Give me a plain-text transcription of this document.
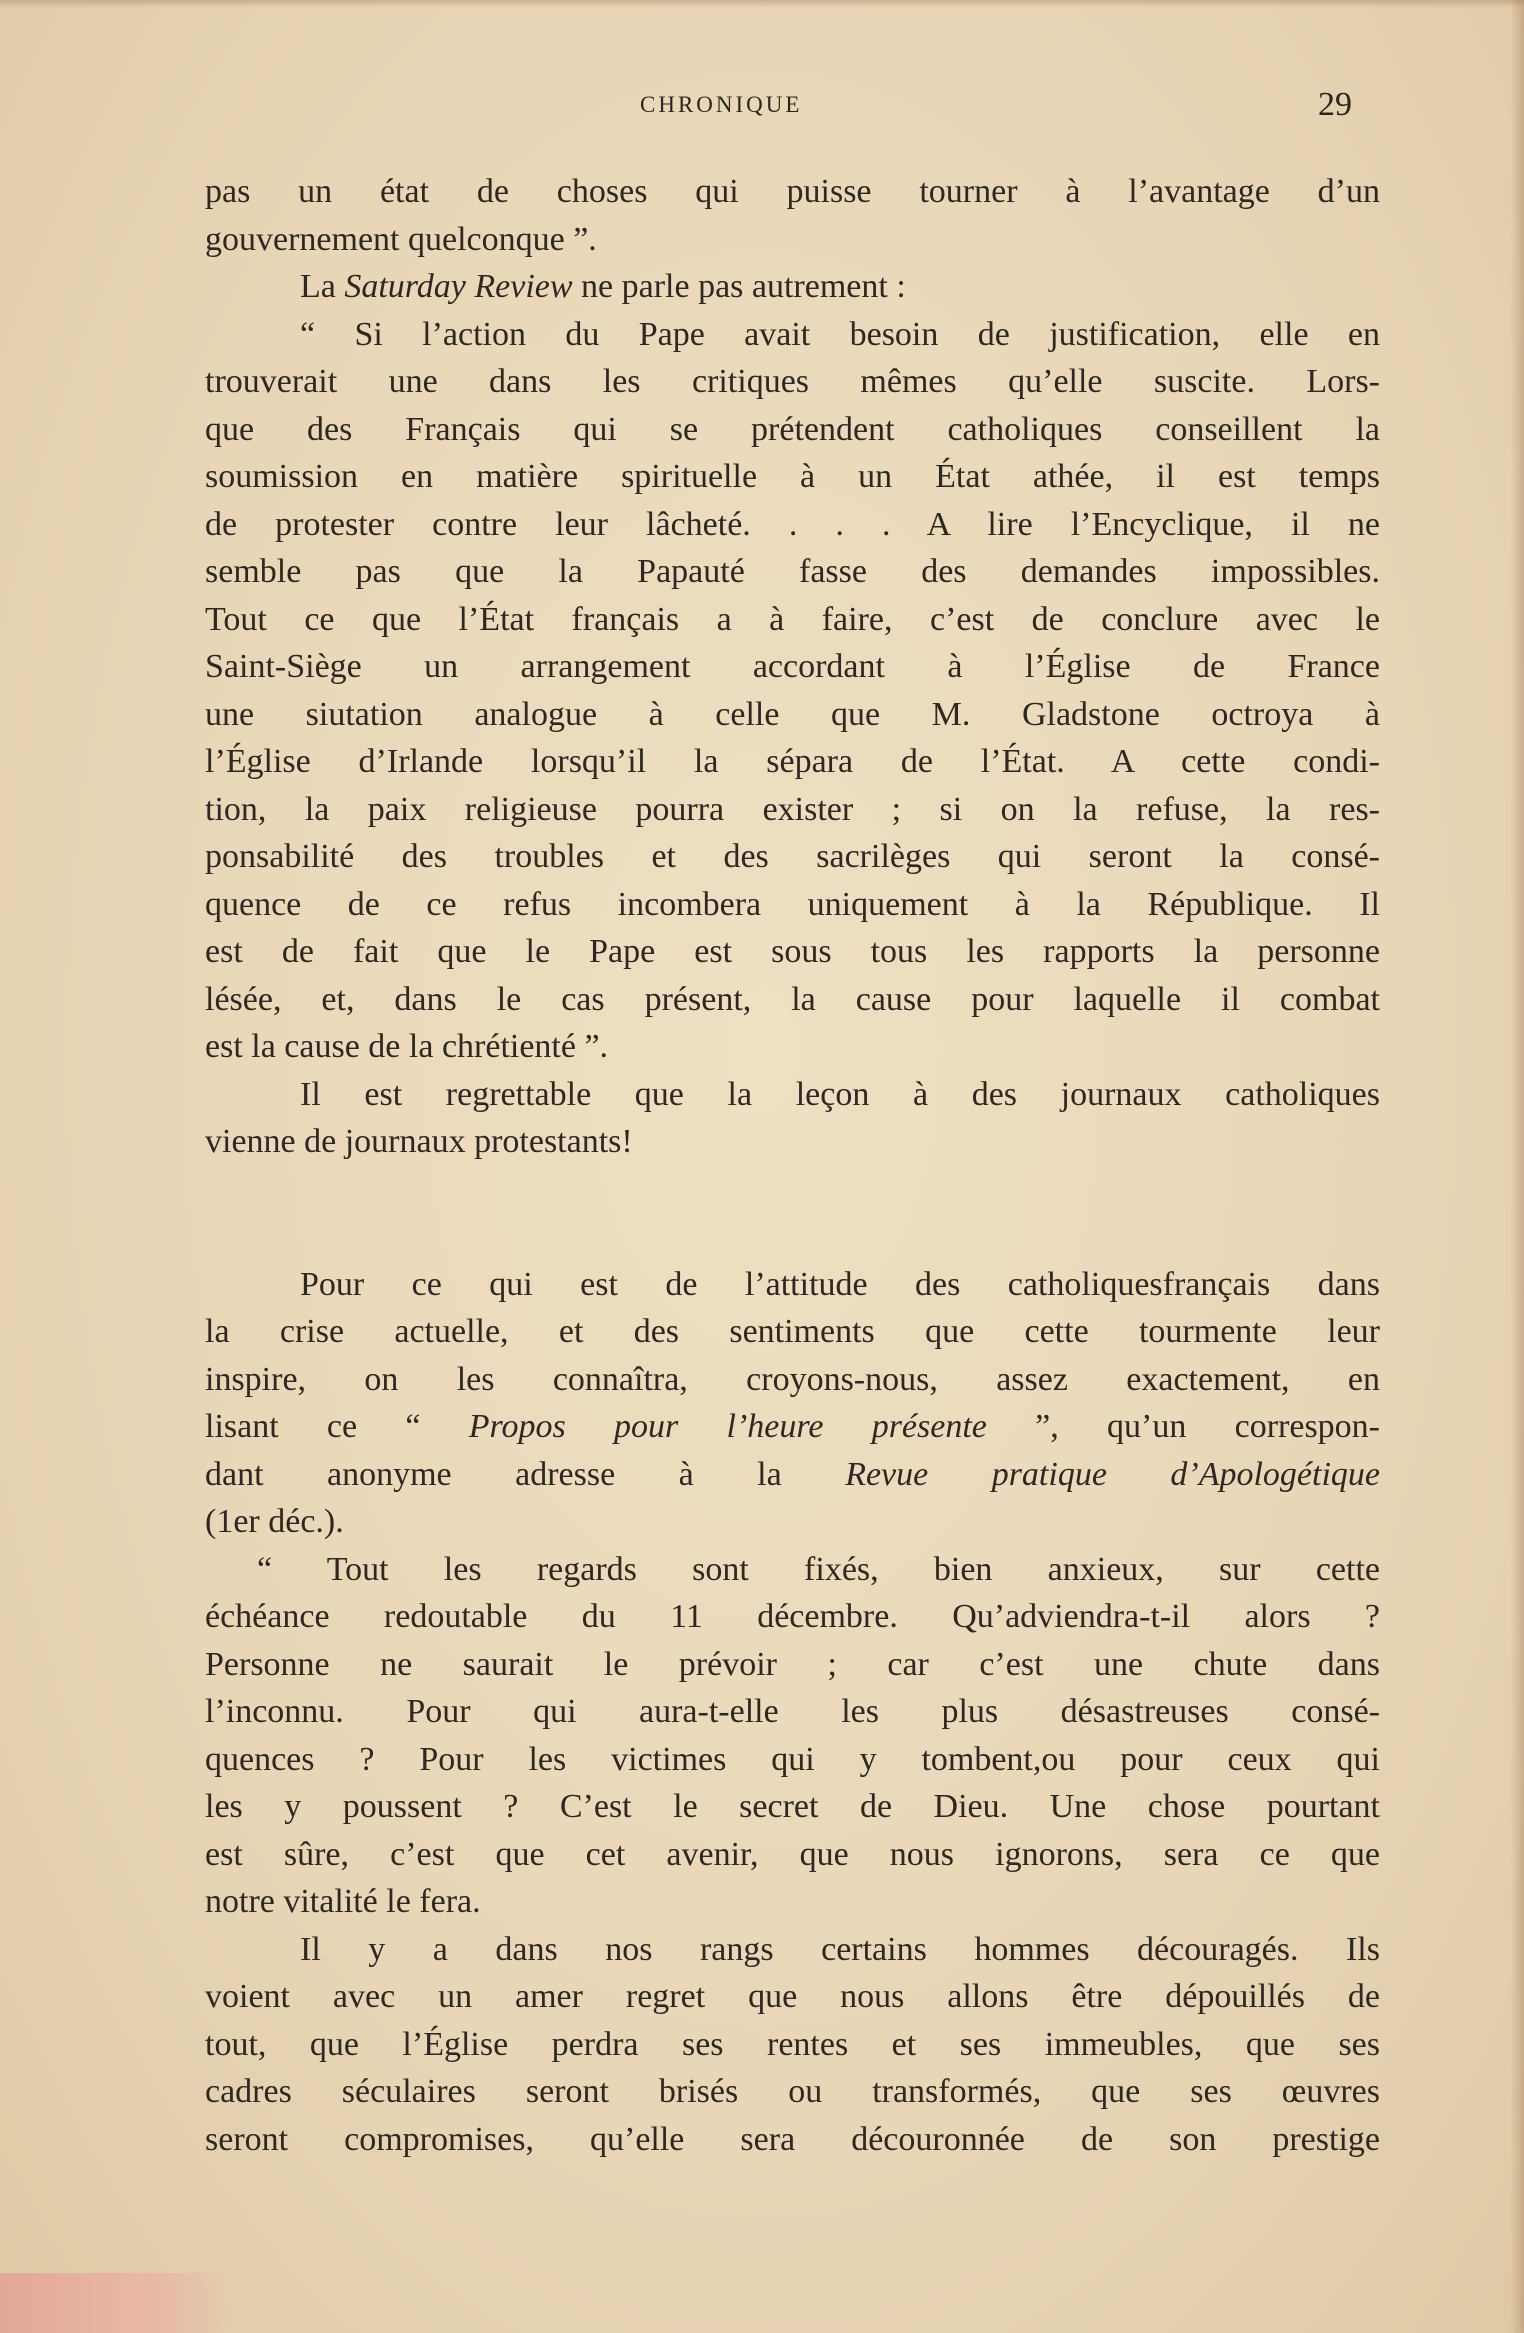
CHRONIQUE	29
pas un état de choses qui puisse tourner à l’avantage d’un
gouvernement quelconque ”.
La Saturday Review ne parle pas autrement :
“ Si l’action du Pape avait besoin de justification, elle en
trouverait une dans les critiques mêmes qu’elle suscite. Lors-
que des Français qui se prétendent catholiques conseillent la
soumission en matière spirituelle à un État athée, il est temps
de protester contre leur lâcheté. . . . A lire l’Encyclique, il ne
semble pas que la Papauté fasse des demandes impossibles.
Tout ce que l’État français a à faire, c’est de conclure avec le
Saint-Siège un arrangement accordant à l’Église de France
une siutation analogue à celle que M. Gladstone octroya à
l’Église d’Irlande lorsqu’il la sépara de l’État. A cette condi-
tion, la paix religieuse pourra exister ; si on la refuse, la res-
ponsabilité des troubles et des sacrilèges qui seront la consé-
quence de ce refus incombera uniquement à la République. Il
est de fait que le Pape est sous tous les rapports la personne
lésée, et, dans le cas présent, la cause pour laquelle il combat
est la cause de la chrétienté ”.
Il est regrettable que la leçon à des journaux catholiques
vienne de journaux protestants!
Pour ce qui est de l’attitude des catholiquesfrançais dans
la crise actuelle, et des sentiments que cette tourmente leur
inspire, on les connaîtra, croyons-nous, assez exactement, en
lisant ce “ Propos pour l’heure présente ”, qu’un correspon-
dant anonyme adresse à la Revue pratique d’Apologétique
(1er déc.).
“ Tout les regards sont fixés, bien anxieux, sur cette
échéance redoutable du 11 décembre. Qu’adviendra-t-il alors ?
Personne ne saurait le prévoir ; car c’est une chute dans
l’inconnu. Pour qui aura-t-elle les plus désastreuses consé-
quences ? Pour les victimes qui y tombent,ou pour ceux qui
les y poussent ? C’est le secret de Dieu. Une chose pourtant
est sûre, c’est que cet avenir, que nous ignorons, sera ce que
notre vitalité le fera.
Il y a dans nos rangs certains hommes découragés. Ils
voient avec un amer regret que nous allons être dépouillés de
tout, que l’Église perdra ses rentes et ses immeubles, que ses
cadres séculaires seront brisés ou transformés, que ses œuvres
seront compromises, qu’elle sera découronnée de son prestige
